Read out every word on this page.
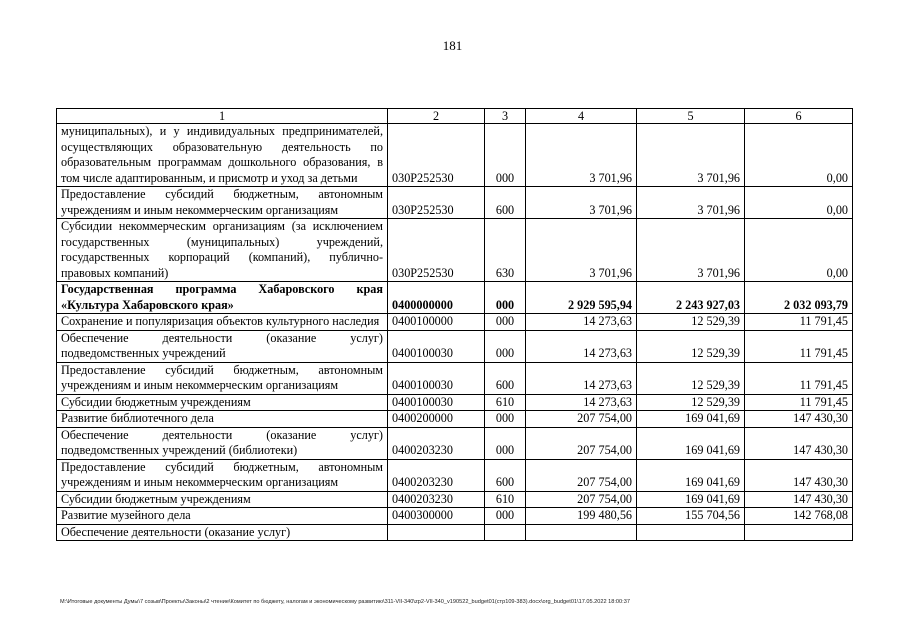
181
1	2	3	4	5	6
муниципальных), и у индивидуальных предпринимателей, осуществляющих образовательную деятельность по образовательным программам дошкольного образования, в том числе адаптированным, и присмотр и уход за детьми	030P252530	000	3 701,96	3 701,96	0,00
Предоставление субсидий бюджетным, автономным учреждениям и иным некоммерческим организациям	030P252530	600	3 701,96	3 701,96	0,00
Субсидии некоммерческим организациям (за исключением государственных (муниципальных) учреждений, государственных корпораций (компаний), публично-правовых компаний)	030P252530	630	3 701,96	3 701,96	0,00
Государственная программа Хабаровского края «Культура Хабаровского края»	0400000000	000	2 929 595,94	2 243 927,03	2 032 093,79
Сохранение и популяризация объектов культурного наследия	0400100000	000	14 273,63	12 529,39	11 791,45
Обеспечение деятельности (оказание услуг) подведомственных учреждений	0400100030	000	14 273,63	12 529,39	11 791,45
Предоставление субсидий бюджетным, автономным учреждениям и иным некоммерческим организациям	0400100030	600	14 273,63	12 529,39	11 791,45
Субсидии бюджетным учреждениям	0400100030	610	14 273,63	12 529,39	11 791,45
Развитие библиотечного дела	0400200000	000	207 754,00	169 041,69	147 430,30
Обеспечение деятельности (оказание услуг) подведомственных учреждений (библиотеки)	0400203230	000	207 754,00	169 041,69	147 430,30
Предоставление субсидий бюджетным, автономным учреждениям и иным некоммерческим организациям	0400203230	600	207 754,00	169 041,69	147 430,30
Субсидии бюджетным учреждениям	0400203230	610	207 754,00	169 041,69	147 430,30
Развитие музейного дела	0400300000	000	199 480,56	155 704,56	142 768,08
Обеспечение деятельности (оказание услуг)					
M:\Итоговые документы Думы\7 созыв\Проекты\Законы\2 чтение\Комитет по бюджету, налогам и экономическому развитию\311-VII-340\zp2-VII-340_v190522_budget01(стр109-383).docx\org_budget01\17.05.2022 18:00:37
